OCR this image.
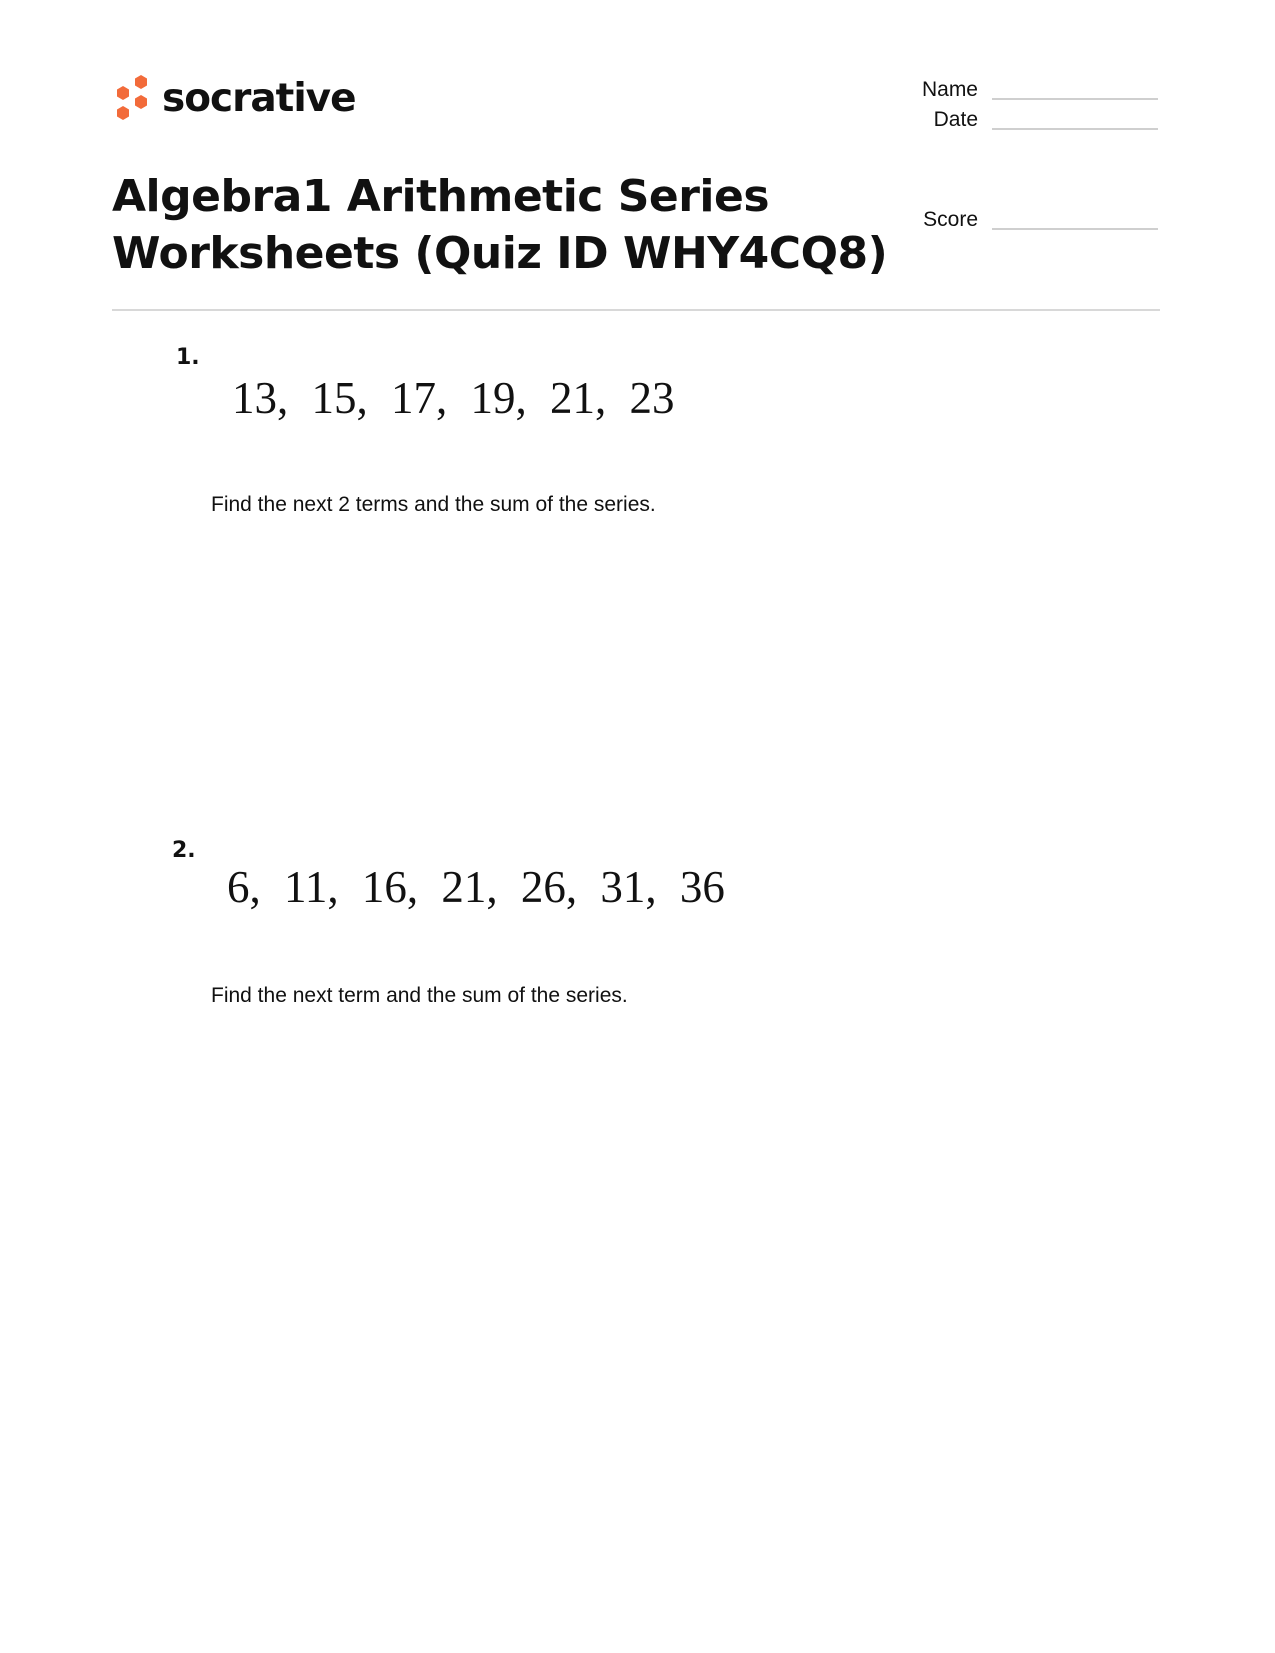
socrative	Name
Date
Score
Algebra1 Arithmetic Series
Worksheets (Quiz ID WHY4CQ8)
1.
13, 15, 17, 19, 21, 23
Find the next 2 terms and the sum of the series.
2.
6, 11, 16, 21, 26, 31, 36
Find the next term and the sum of the series.
